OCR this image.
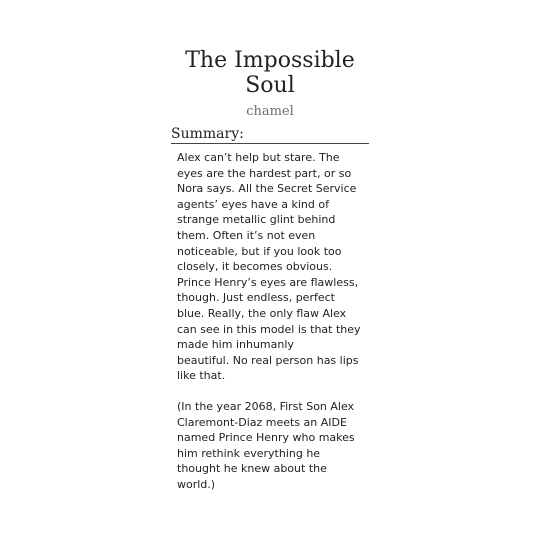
The Impossible
Soul
chamel
Summary:

Alex can’t help but stare. The
eyes are the hardest part, or so
Nora says. All the Secret Service
agents’ eyes have a kind of
strange metallic glint behind
them. Often it’s not even
noticeable, but if you look too
closely, it becomes obvious.
Prince Henry’s eyes are flawless,
though. Just endless, perfect
blue. Really, the only flaw Alex
can see in this model is that they
made him inhumanly
beautiful. No real person has lips
like that.

(In the year 2068, First Son Alex
Claremont-Diaz meets an AIDE
named Prince Henry who makes
him rethink everything he
thought he knew about the
world.)
